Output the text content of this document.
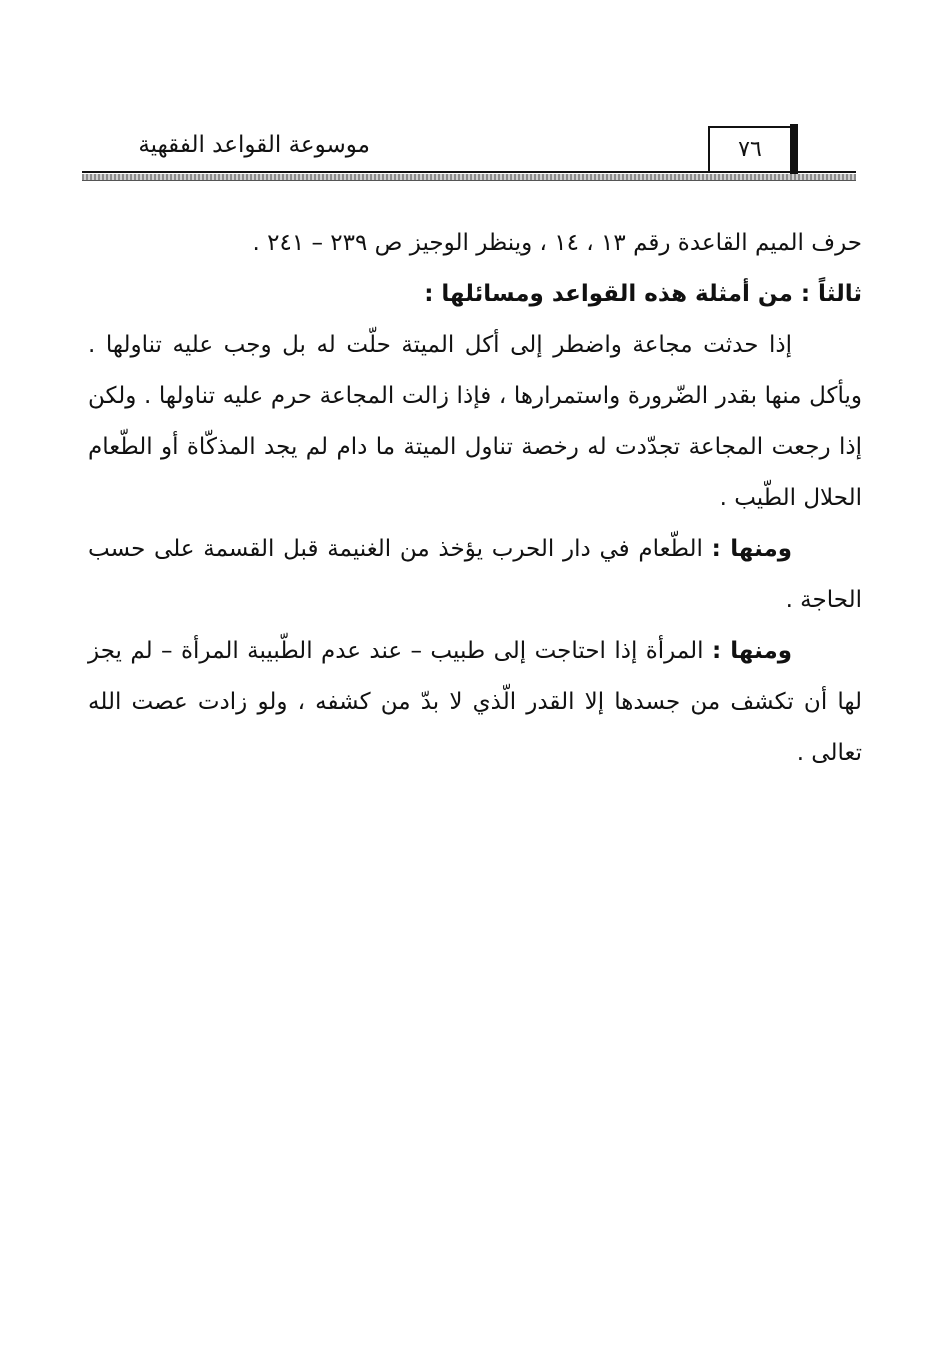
موسوعة القواعد الفقهية	٧٦

حرف الميم القاعدة رقم ١٣ ، ١٤ ، وينظر الوجيز ص ٢٣٩ – ٢٤١ .

ثالثاً : من أمثلة هذه القواعد ومسائلها :

إذا حدثت مجاعة واضطر إلى أكل الميتة حلّت له بل وجب عليه تناولها . ويأكل منها بقدر الضّرورة واستمرارها ، فإذا زالت المجاعة حرم عليه تناولها . ولكن إذا رجعت المجاعة تجدّدت له رخصة تناول الميتة ما دام لم يجد المذكّاة أو الطّعام الحلال الطّيب .

ومنها : الطّعام في دار الحرب يؤخذ من الغنيمة قبل القسمة على حسب الحاجة .

ومنها : المرأة إذا احتاجت إلى طبيب – عند عدم الطّبيبة المرأة – لم يجز لها أن تكشف من جسدها إلا القدر الّذي لا بدّ من كشفه ، ولو زادت عصت الله تعالى .
